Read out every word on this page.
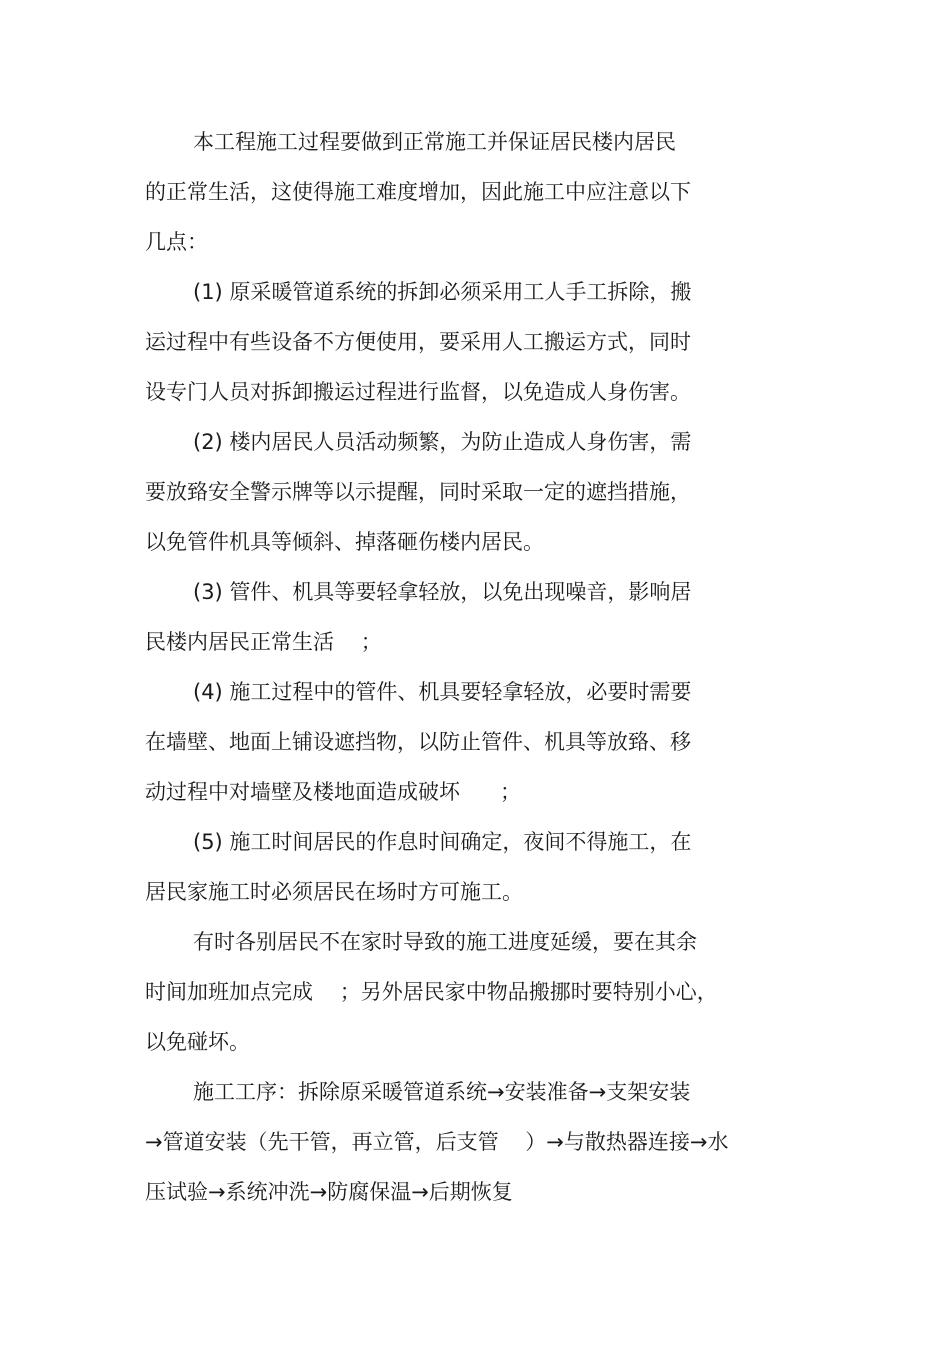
本工程施工过程要做到正常施工并保证居民楼内居民

的正常生活，这使得施工难度增加，因此施工中应注意以下

几点：

(1) 原采暖管道系统的拆卸必须采用工人手工拆除，搬

运过程中有些设备不方便使用，要采用人工搬运方式，同时

设专门人员对拆卸搬运过程进行监督，以免造成人身伤害。

(2) 楼内居民人员活动频繁，为防止造成人身伤害，需

要放臵安全警示牌等以示提醒，同时采取一定的遮挡措施，

以免管件机具等倾斜、掉落砸伤楼内居民。

(3) 管件、机具等要轻拿轻放，以免出现噪音，影响居

民楼内居民正常生活    ；

(4) 施工过程中的管件、机具要轻拿轻放，必要时需要

在墙壁、地面上铺设遮挡物，以防止管件、机具等放臵、移

动过程中对墙壁及楼地面造成破坏      ；

(5) 施工时间居民的作息时间确定，夜间不得施工，在

居民家施工时必须居民在场时方可施工。

有时各别居民不在家时导致的施工进度延缓，要在其余

时间加班加点完成    ；另外居民家中物品搬挪时要特别小心，

以免碰坏。

施工工序：拆除原采暖管道系统→安装准备→支架安装

→管道安装（先干管，再立管，后支管    ）→与散热器连接→水

压试验→系统冲洗→防腐保温→后期恢复
